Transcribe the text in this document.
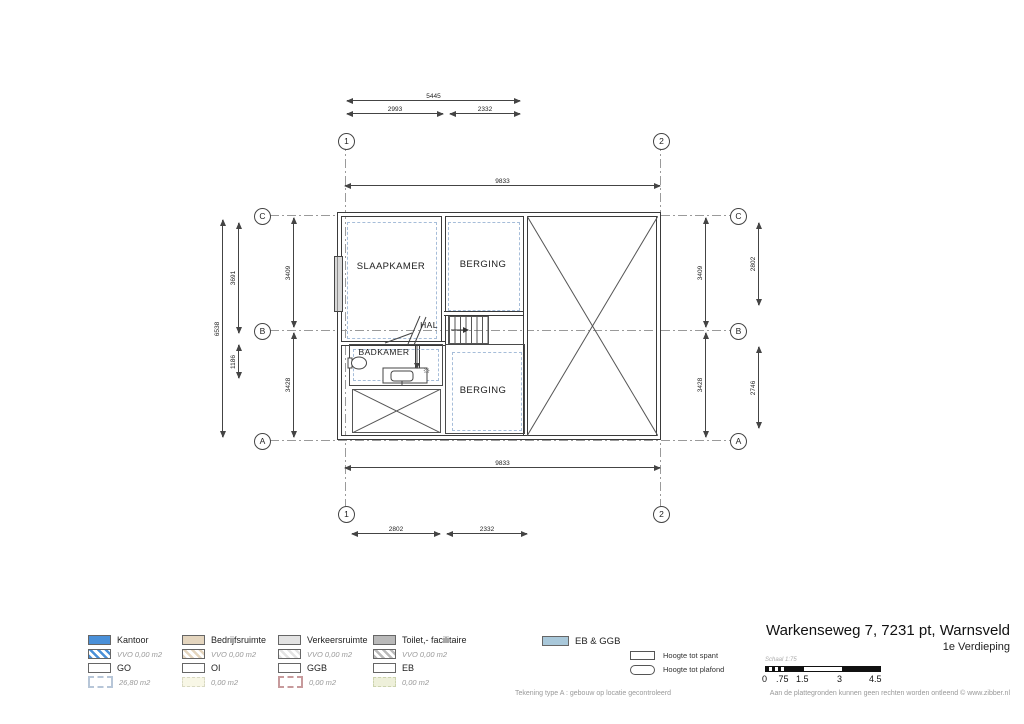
☼
SLAAPKAMER	BERGING
HAL
BADKAMER
BERGING
1	2
1	2
C
B
A
C
B
A
5445
2993	2332
9833
9833
2802	2332
6538
3691
1186
3409
3428
3409
3428
2802
2746
Kantoor
VVO 0,00 m2
Bedrijfsruimte
VVO 0,00 m2
Verkeersruimte
VVO 0,00 m2
Toilet,- facilitaire
VVO 0,00 m2
GO
26,80 m2
OI
0,00 m2
GGB
0,00 m2
EB
0,00 m2
EB & GGB
Hoogte tot spant
Hoogte tot plafond
Warkenseweg 7, 7231 pt, Warnsveld
1e Verdieping
Schaal 1:75
0 .75 1.5	3	4.5
Tekening type A : gebouw op locatie gecontroleerd	Aan de plattegronden kunnen geen rechten worden ontleend © www.zibber.nl
